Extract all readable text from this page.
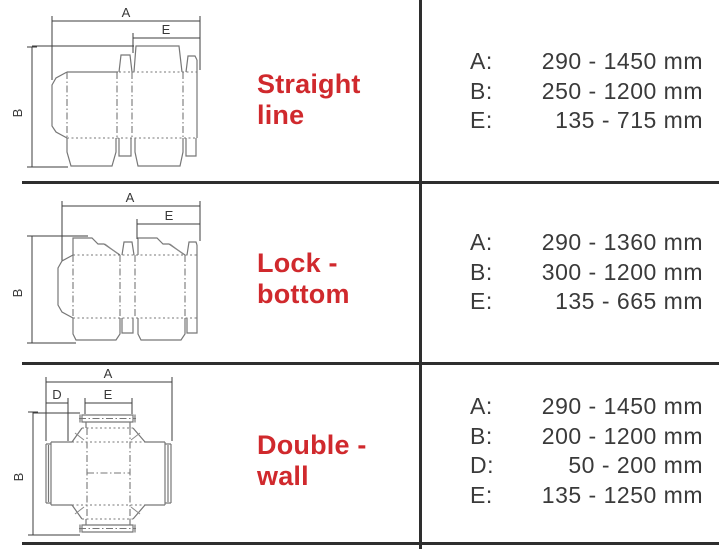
A
E
B
Straight
line
A:	290 - 1450 mm
B:	250 - 1200 mm
E:	135 - 715 mm
A
E
B
Lock -
bottom
A:	290 - 1360 mm
B:	300 - 1200 mm
E:	135 - 665 mm
A
D	E
B
Double -
wall
A:	290 - 1450 mm
B:	200 - 1200 mm
D:	50 - 200 mm
E:	135 - 1250 mm
